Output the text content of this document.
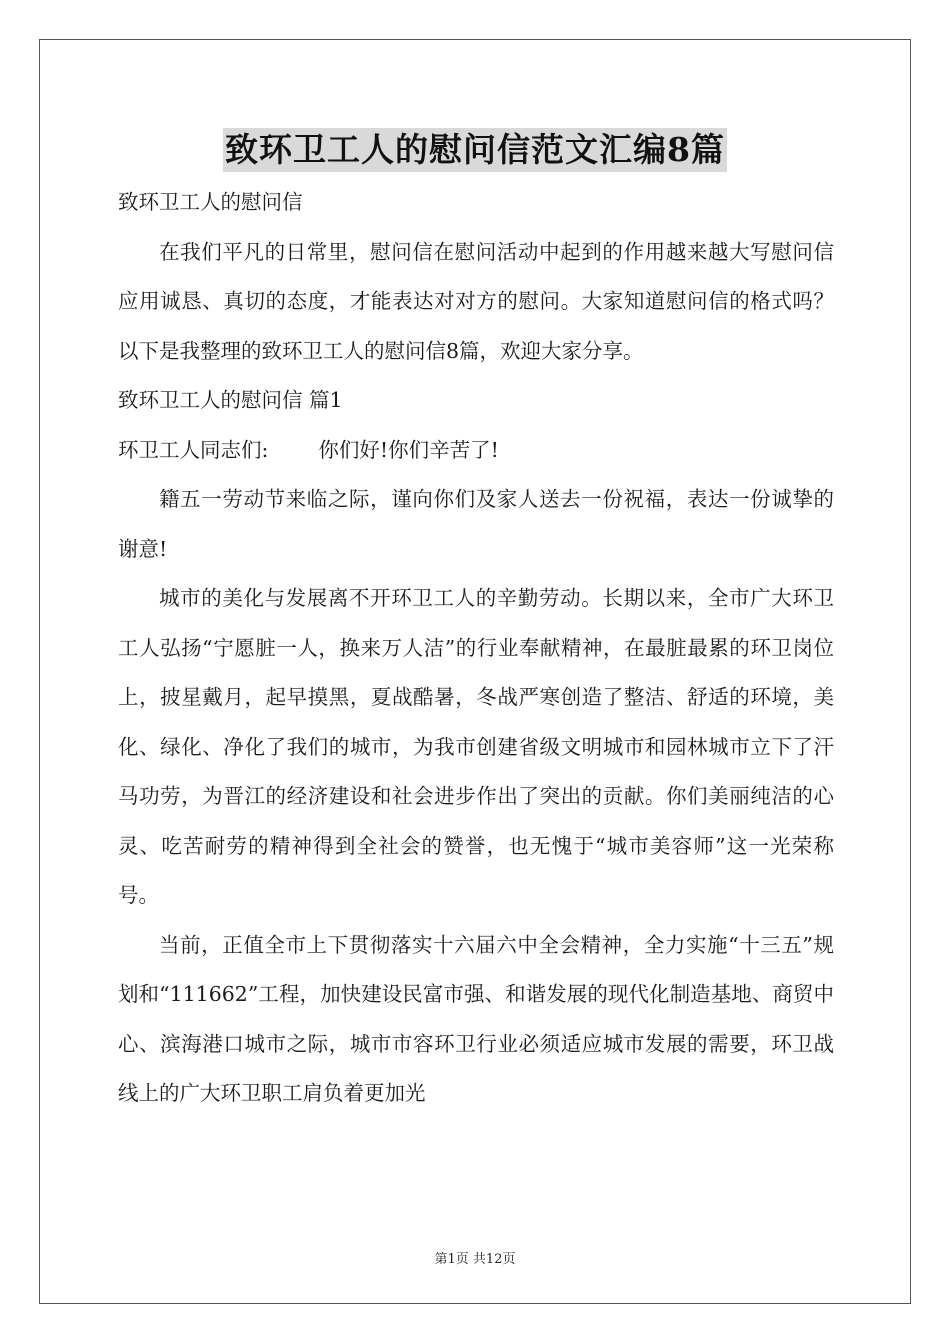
致环卫工人的慰问信范文汇编8篇

致环卫工人的慰问信

在我们平凡的日常里，慰问信在慰问活动中起到的作用越来越大写慰问信应用诚恳、真切的态度，才能表达对对方的慰问。大家知道慰问信的格式吗？以下是我整理的致环卫工人的慰问信8篇，欢迎大家分享。

致环卫工人的慰问信 篇1

环卫工人同志们: 你们好!你们辛苦了!

籍五一劳动节来临之际，谨向你们及家人送去一份祝福，表达一份诚挚的谢意!

城市的美化与发展离不开环卫工人的辛勤劳动。长期以来，全市广大环卫工人弘扬“宁愿脏一人，换来万人洁”的行业奉献精神，在最脏最累的环卫岗位上，披星戴月，起早摸黑，夏战酷暑，冬战严寒创造了整洁、舒适的环境，美化、绿化、净化了我们的城市，为我市创建省级文明城市和园林城市立下了汗马功劳，为晋江的经济建设和社会进步作出了突出的贡献。你们美丽纯洁的心灵、吃苦耐劳的精神得到全社会的赞誉，也无愧于“城市美容师”这一光荣称号。

当前，正值全市上下贯彻落实十六届六中全会精神，全力实施“十三五”规划和“111662”工程，加快建设民富市强、和谐发展的现代化制造基地、商贸中心、滨海港口城市之际，城市市容环卫行业必须适应城市发展的需要，环卫战线上的广大环卫职工肩负着更加光

第1页 共12页
